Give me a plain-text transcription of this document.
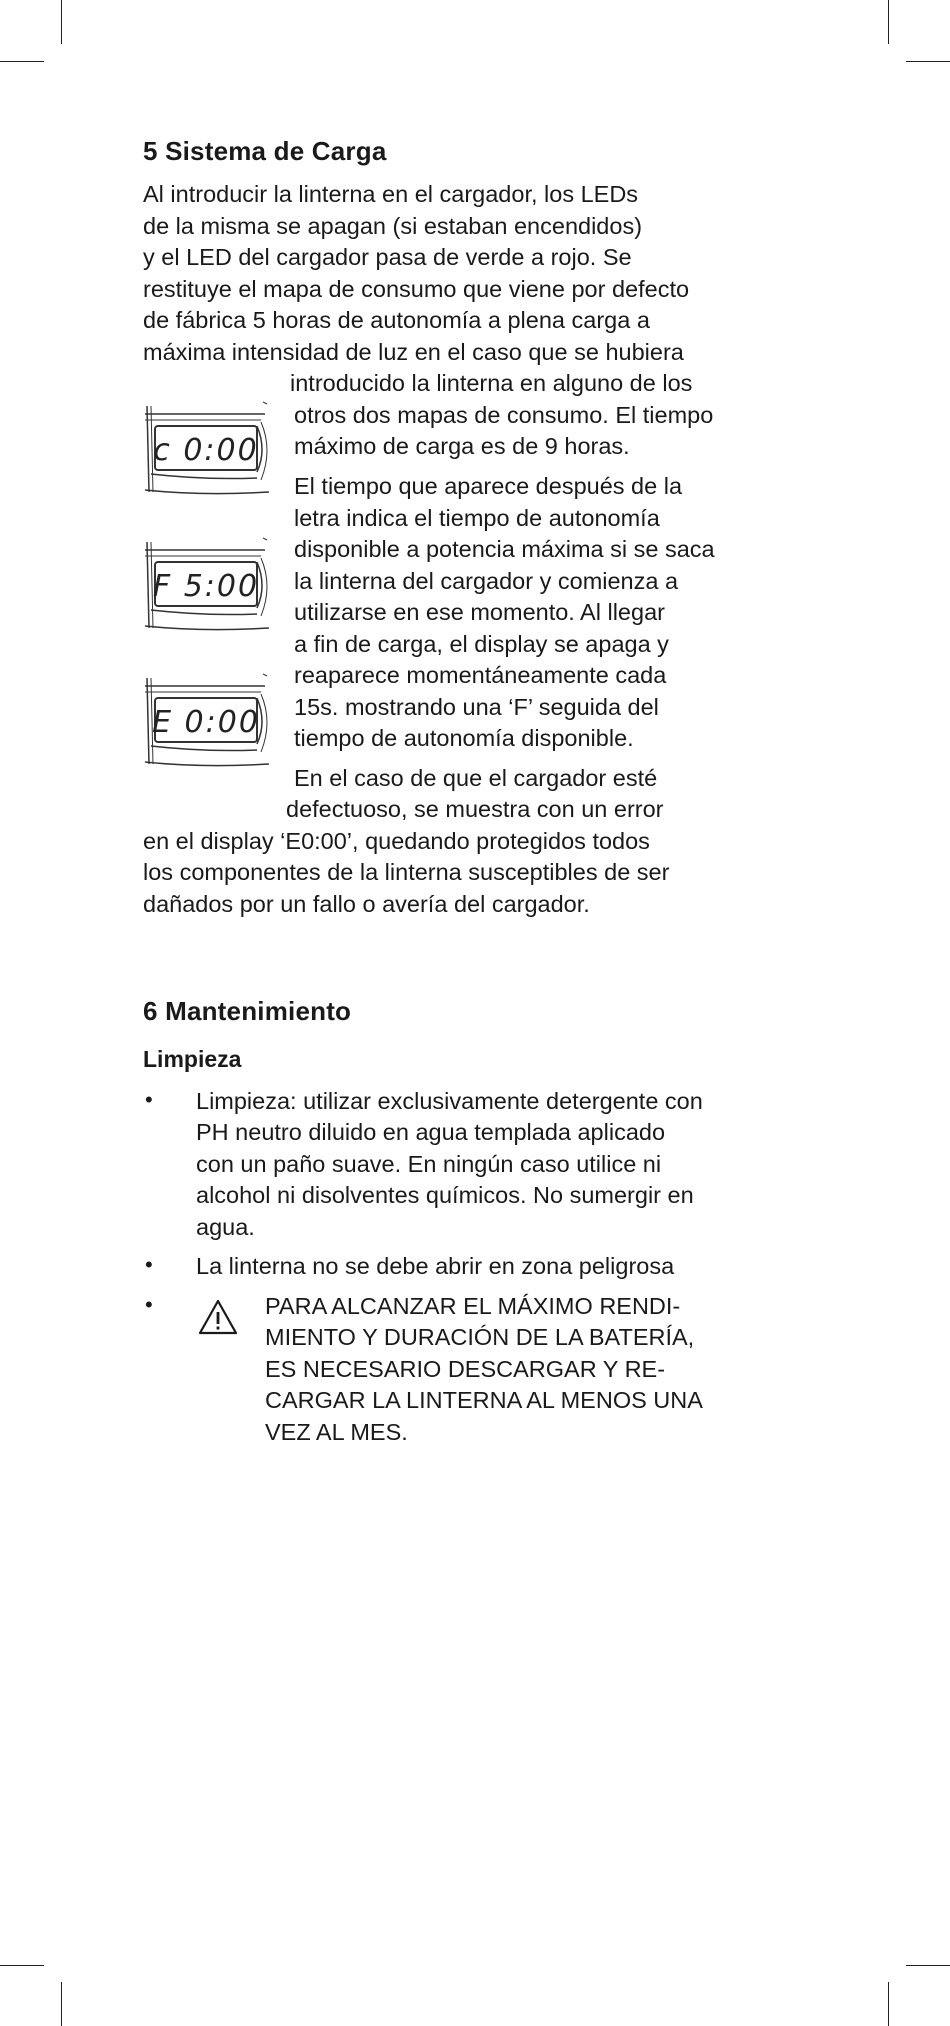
5 Sistema de Carga
Al introducir la linterna en el cargador, los LEDs
de la misma se apagan (si estaban encendidos)
y el LED del cargador pasa de verde a rojo. Se
restituye el mapa de consumo que viene por defecto
de fábrica 5 horas de autonomía a plena carga a
máxima intensidad de luz en el caso que se hubiera
introducido la linterna en alguno de los
otros dos mapas de consumo. El tiempo
máximo de carga es de 9 horas.
El tiempo que aparece después de la
letra indica el tiempo de autonomía
disponible a potencia máxima si se saca
la linterna del cargador y comienza a
utilizarse en ese momento. Al llegar
a fin de carga, el display se apaga y
reaparece momentáneamente cada
15s. mostrando una ‘F’ seguida del
tiempo de autonomía disponible.
En el caso de que el cargador esté
defectuoso, se muestra con un error
en el display ‘E0:00’, quedando protegidos todos
los componentes de la linterna susceptibles de ser
dañados por un fallo o avería del cargador.
c 0:00
F 5:00
E 0:00
6 Mantenimiento
Limpieza
• Limpieza: utilizar exclusivamente detergente con
PH neutro diluido en agua templada aplicado
con un paño suave. En ningún caso utilice ni
alcohol ni disolventes químicos. No sumergir en
agua.
• La linterna no se debe abrir en zona peligrosa
•	PARA ALCANZAR EL MÁXIMO RENDI-
MIENTO Y DURACIÓN DE LA BATERÍA,
ES NECESARIO DESCARGAR Y RE-
CARGAR LA LINTERNA AL MENOS UNA
VEZ AL MES.
